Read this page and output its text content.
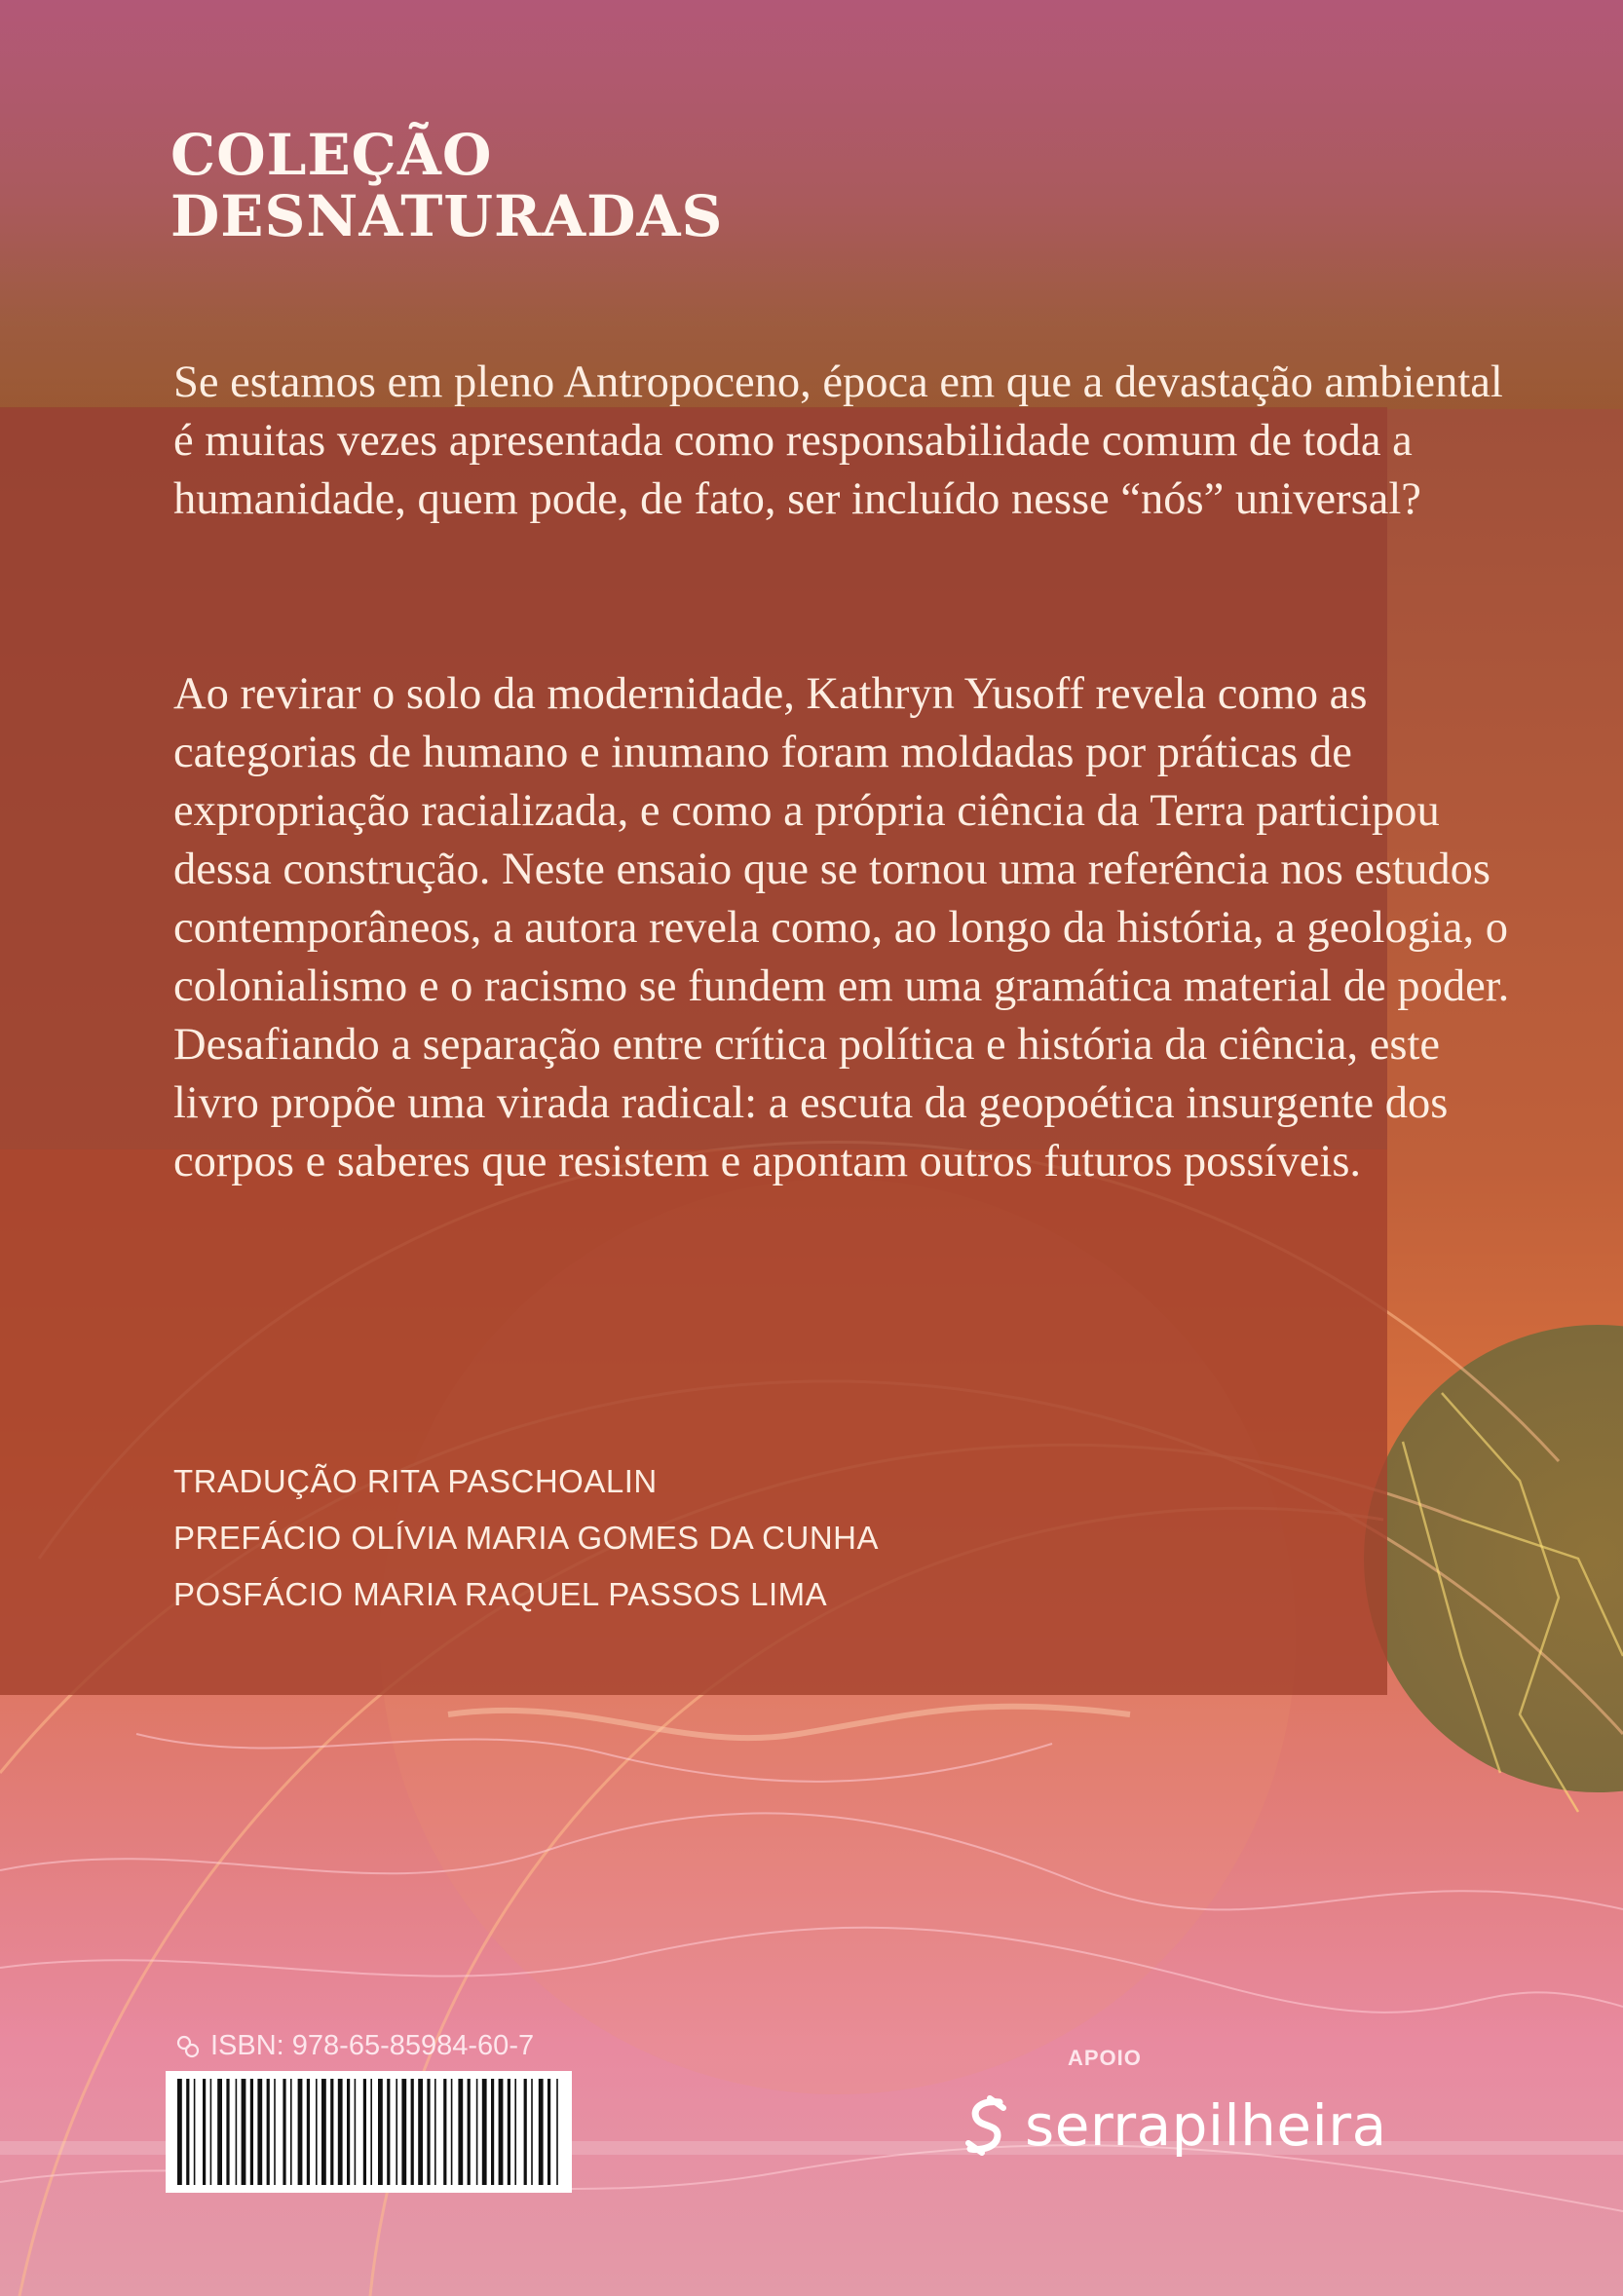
COLEÇÃO
DESNATURADAS

Se estamos em pleno Antropoceno, época em que a devastação ambiental é muitas vezes apresentada como responsabilidade comum de toda a humanidade, quem pode, de fato, ser incluído nesse “nós” universal?

Ao revirar o solo da modernidade, Kathryn Yusoff revela como as categorias de humano e inumano foram moldadas por práticas de expropriação racializada, e como a própria ciência da Terra participou dessa construção. Neste ensaio que se tornou uma referência nos estudos contemporâneos, a autora revela como, ao longo da história, a geologia, o colonialismo e o racismo se fundem em uma gramática material de poder. Desafiando a separação entre crítica política e história da ciência, este livro propõe uma virada radical: a escuta da geopoética insurgente dos corpos e saberes que resistem e apontam outros futuros possíveis.

TRADUÇÃO RITA PASCHOALIN
PREFÁCIO OLÍVIA MARIA GOMES DA CUNHA
POSFÁCIO MARIA RAQUEL PASSOS LIMA
ISBN: 978-65-85984-60-7	APOIO
serrapilheira
